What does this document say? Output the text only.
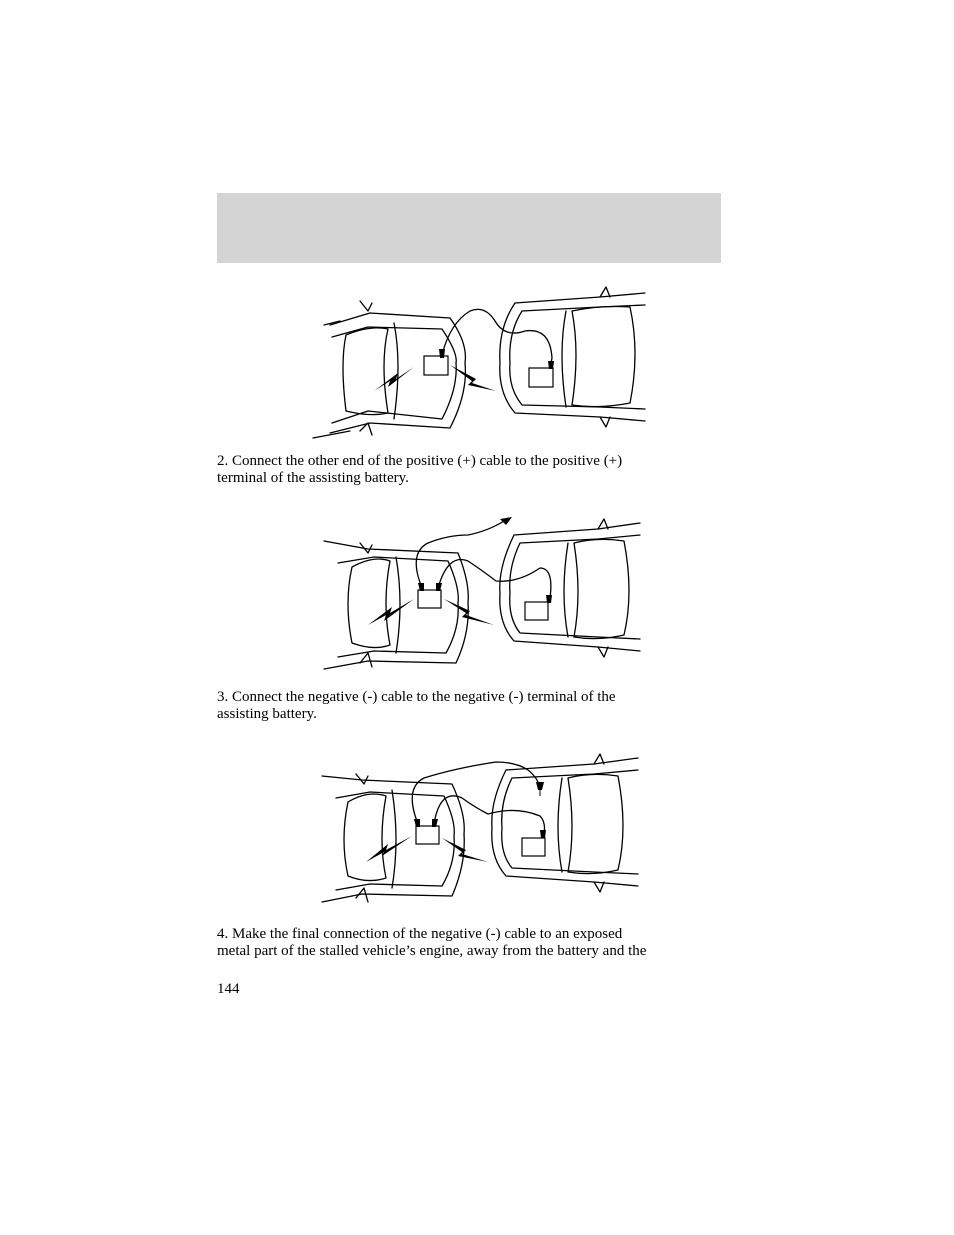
2. Connect the other end of the positive (+) cable to the positive (+)
terminal of the assisting battery.

3. Connect the negative (-) cable to the negative (-) terminal of the
assisting battery.

4. Make the final connection of the negative (-) cable to an exposed
metal part of the stalled vehicle’s engine, away from the battery and the

144
